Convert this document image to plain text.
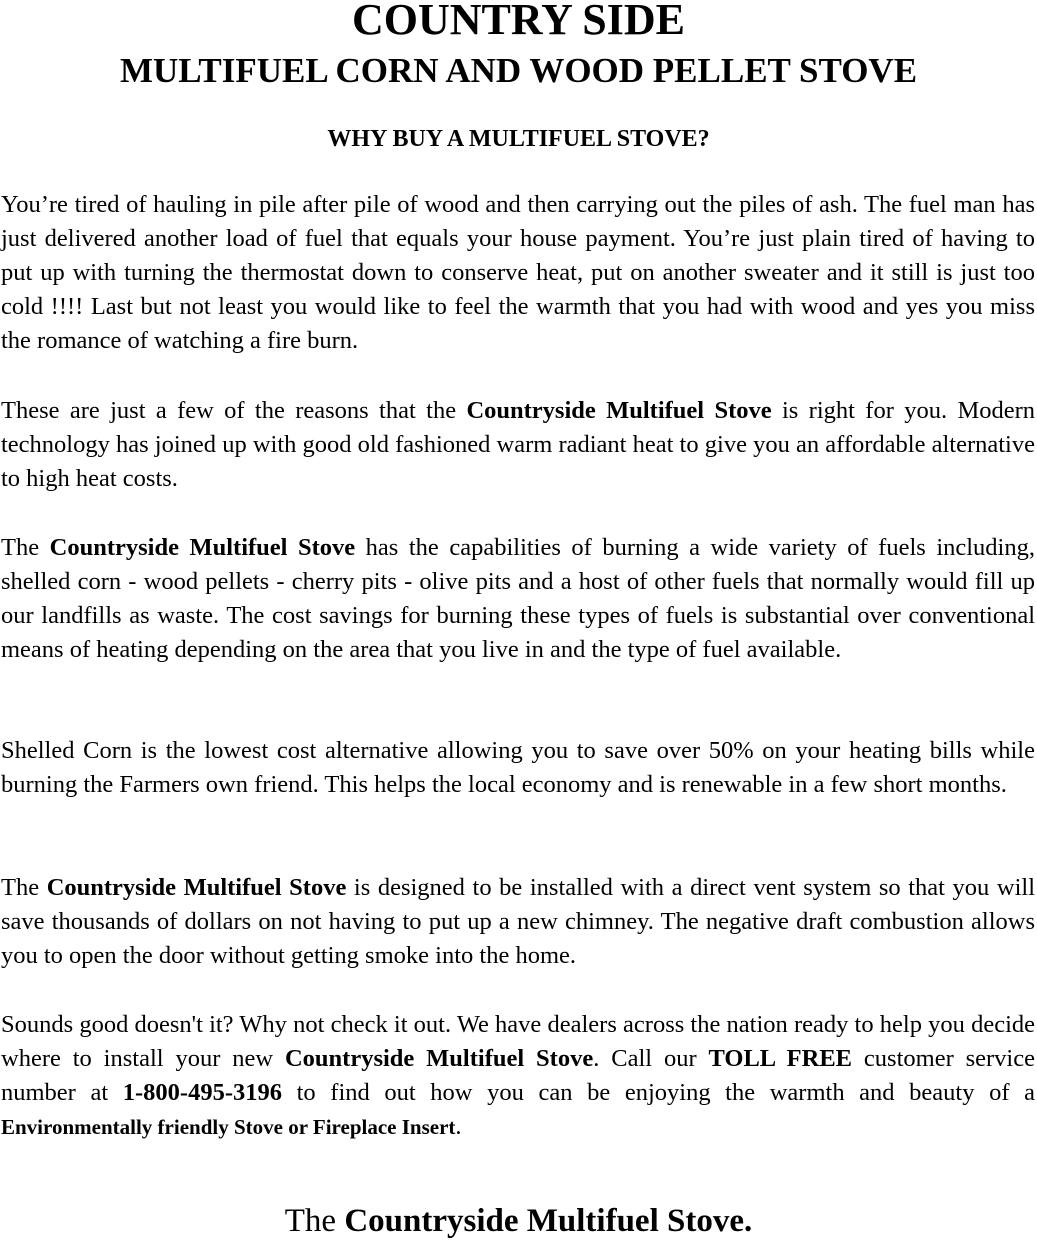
COUNTRY SIDE
MULTIFUEL CORN AND WOOD PELLET STOVE
WHY BUY A MULTIFUEL STOVE?

You’re tired of hauling in pile after pile of wood and then carrying out the piles of ash. The fuel man has just delivered another load of fuel that equals your house payment. You’re just plain tired of having to put up with turning the thermostat down to conserve heat, put on another sweater and it still is just too cold !!!! Last but not least you would like to feel the warmth that you had with wood and yes you miss the romance of watching a fire burn.

These are just a few of the reasons that the Countryside Multifuel Stove is right for you. Modern technology has joined up with good old fashioned warm radiant heat to give you an affordable alternative to high heat costs.

The Countryside Multifuel Stove has the capabilities of burning a wide variety of fuels including, shelled corn - wood pellets - cherry pits - olive pits and a host of other fuels that normally would fill up our landfills as waste. The cost savings for burning these types of fuels is substantial over conventional means of heating depending on the area that you live in and the type of fuel available.

Shelled Corn is the lowest cost alternative allowing you to save over 50% on your heating bills while burning the Farmers own friend. This helps the local economy and is renewable in a few short months.

The Countryside Multifuel Stove is designed to be installed with a direct vent system so that you will save thousands of dollars on not having to put up a new chimney. The negative draft combustion allows you to open the door without getting smoke into the home.

Sounds good doesn't it? Why not check it out. We have dealers across the nation ready to help you decide where to install your new Countryside Multifuel Stove. Call our TOLL FREE customer service number at 1-800-495-3196 to find out how you can be enjoying the warmth and beauty of a Environmentally friendly Stove or Fireplace Insert.

The Countryside Multifuel Stove.
